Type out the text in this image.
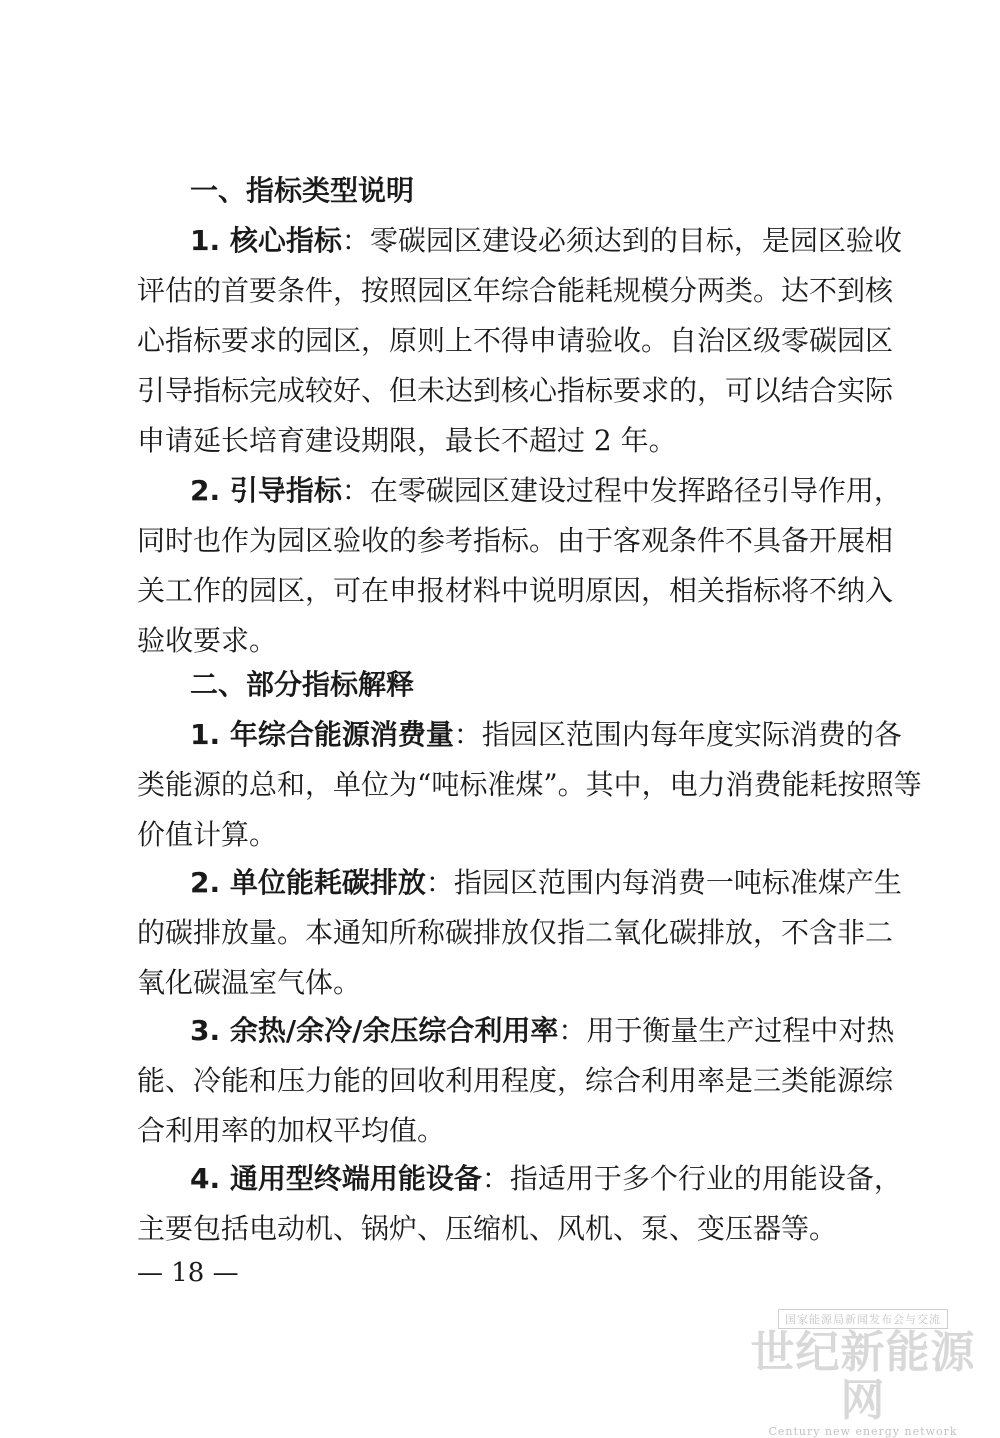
一、指标类型说明
1. 核心指标：零碳园区建设必须达到的目标，是园区验收
评估的首要条件，按照园区年综合能耗规模分两类。达不到核
心指标要求的园区，原则上不得申请验收。自治区级零碳园区
引导指标完成较好、但未达到核心指标要求的，可以结合实际
申请延长培育建设期限，最长不超过 2 年。
2. 引导指标：在零碳园区建设过程中发挥路径引导作用，
同时也作为园区验收的参考指标。由于客观条件不具备开展相
关工作的园区，可在申报材料中说明原因，相关指标将不纳入
验收要求。
二、部分指标解释
1. 年综合能源消费量：指园区范围内每年度实际消费的各
类能源的总和，单位为“吨标准煤”。其中，电力消费能耗按照等
价值计算。
2. 单位能耗碳排放：指园区范围内每消费一吨标准煤产生
的碳排放量。本通知所称碳排放仅指二氧化碳排放，不含非二
氧化碳温室气体。
3. 余热/余冷/余压综合利用率：用于衡量生产过程中对热
能、冷能和压力能的回收利用程度，综合利用率是三类能源综
合利用率的加权平均值。
4. 通用型终端用能设备：指适用于多个行业的用能设备，
主要包括电动机、锅炉、压缩机、风机、泵、变压器等。
— 18 —
国家能源局新闻发布会与交流
世纪新能源网
Century new energy network
